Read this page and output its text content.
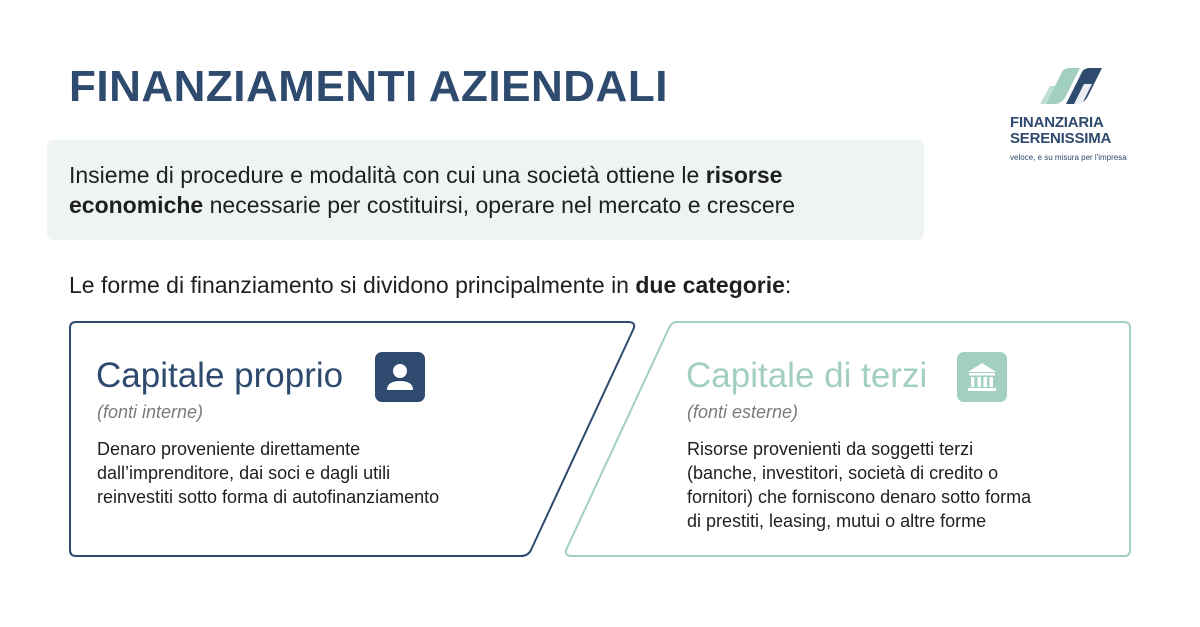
FINANZIAMENTI AZIENDALI
FINANZIARIA
SERENISSIMA
veloce, e su misura per l'impresa
Insieme di procedure e modalità con cui una società ottiene le risorse economiche necessarie per costituirsi, operare nel mercato e crescere
Le forme di finanziamento si dividono principalmente in due categorie:
Capitale proprio
(fonti interne)
Denaro proveniente direttamente
dall’imprenditore, dai soci e dagli utili
reinvestiti sotto forma di autofinanziamento
Capitale di terzi
(fonti esterne)
Risorse provenienti da soggetti terzi
(banche, investitori, società di credito o
fornitori) che forniscono denaro sotto forma
di prestiti, leasing, mutui o altre forme
